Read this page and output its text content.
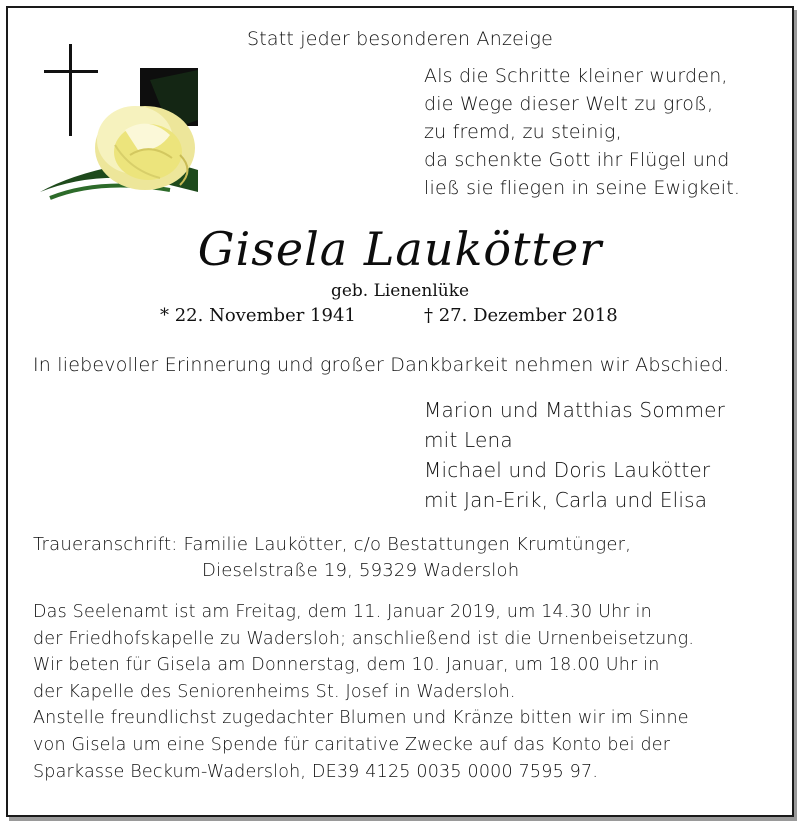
Statt jeder besonderen Anzeige
Als die Schritte kleiner wurden,
die Wege dieser Welt zu groß,
zu fremd, zu steinig,
da schenkte Gott ihr Flügel und
ließ sie fliegen in seine Ewigkeit.
Gisela Laukötter
geb. Lienenlüke
* 22. November 1941	† 27. Dezember 2018
In liebevoller Erinnerung und großer Dankbarkeit nehmen wir Abschied.
Marion und Matthias Sommer
mit Lena
Michael und Doris Laukötter
mit Jan-Erik, Carla und Elisa
Traueranschrift: Familie Laukötter, c/o Bestattungen Krumtünger,
Dieselstraße 19, 59329 Wadersloh
Das Seelenamt ist am Freitag, dem 11. Januar 2019, um 14.30 Uhr in
der Friedhofskapelle zu Wadersloh; anschließend ist die Urnenbeisetzung.
Wir beten für Gisela am Donnerstag, dem 10. Januar, um 18.00 Uhr in
der Kapelle des Seniorenheims St. Josef in Wadersloh.
Anstelle freundlichst zugedachter Blumen und Kränze bitten wir im Sinne
von Gisela um eine Spende für caritative Zwecke auf das Konto bei der
Sparkasse Beckum-Wadersloh, DE39 4125 0035 0000 7595 97.
